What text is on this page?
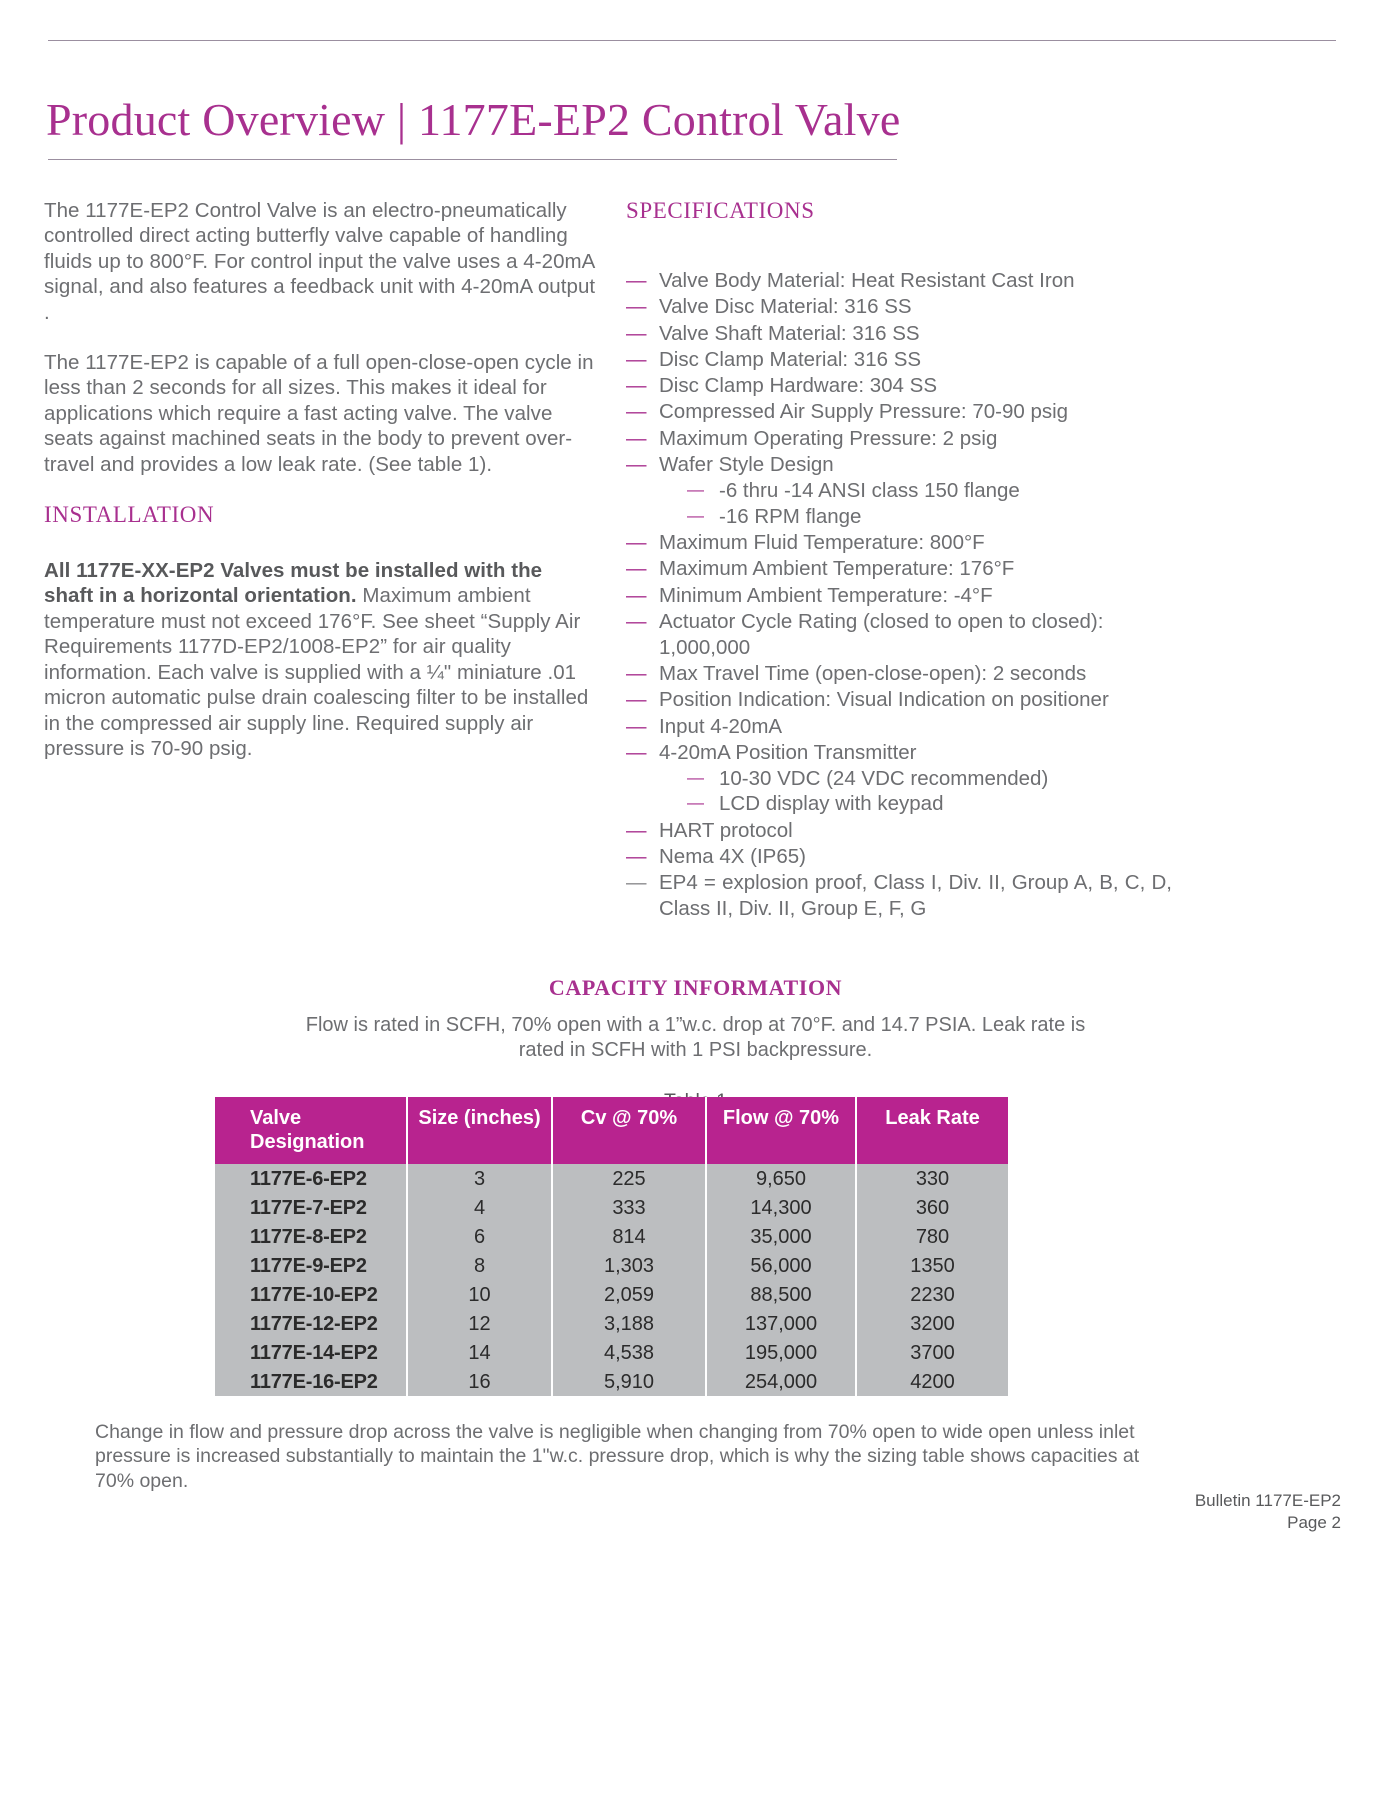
Product Overview | 1177E-EP2 Control Valve

The 1177E-EP2 Control Valve is an electro-pneumatically controlled direct acting butterfly valve capable of handling fluids up to 800°F. For control input the valve uses a 4-20mA signal, and also features a feedback unit with 4-20mA output .

The 1177E-EP2 is capable of a full open-close-open cycle in less than 2 seconds for all sizes. This makes it ideal for applications which require a fast acting valve. The valve seats against machined seats in the body to prevent over-travel and provides a low leak rate. (See table 1).

INSTALLATION

All 1177E-XX-EP2 Valves must be installed with the shaft in a horizontal orientation. Maximum ambient temperature must not exceed 176°F. See sheet “Supply Air Requirements 1177D-EP2/1008-EP2” for air quality information. Each valve is supplied with a ¼" miniature .01 micron automatic pulse drain coalescing filter to be installed in the compressed air supply line. Required supply air pressure is 70-90 psig.

SPECIFICATIONS
— Valve Body Material: Heat Resistant Cast Iron
— Valve Disc Material: 316 SS
— Valve Shaft Material: 316 SS
— Disc Clamp Material: 316 SS
— Disc Clamp Hardware: 304 SS
— Compressed Air Supply Pressure: 70-90 psig
— Maximum Operating Pressure: 2 psig
— Wafer Style Design
— -6 thru -14 ANSI class 150 flange
— -16 RPM flange
— Maximum Fluid Temperature: 800°F
— Maximum Ambient Temperature: 176°F
— Minimum Ambient Temperature: -4°F
— Actuator Cycle Rating (closed to open to closed): 1,000,000
— Max Travel Time (open-close-open): 2 seconds
— Position Indication: Visual Indication on positioner
— Input 4-20mA
— 4-20mA Position Transmitter
— 10-30 VDC (24 VDC recommended)
— LCD display with keypad
— HART protocol
— Nema 4X (IP65)
— EP4 = explosion proof, Class I, Div. II, Group A, B, C, D, Class II, Div. II, Group E, F, G
CAPACITY INFORMATION

Flow is rated in SCFH, 70% open with a 1”w.c. drop at 70°F. and 14.7 PSIA. Leak rate is rated in SCFH with 1 PSI backpressure.

Valve
Designation	Size (inches)	Cv @ 70%	Flow @ 70%	Leak Rate
1177E-6-EP2	3	225	9,650	330
1177E-7-EP2	4	333	14,300	360
1177E-8-EP2	6	814	35,000	780
1177E-9-EP2	8	1,303	56,000	1350
1177E-10-EP2	10	2,059	88,500	2230
1177E-12-EP2	12	3,188	137,000	3200
1177E-14-EP2	14	4,538	195,000	3700
1177E-16-EP2	16	5,910	254,000	4200

Change in flow and pressure drop across the valve is negligible when changing from 70% open to wide open unless inlet pressure is increased substantially to maintain the 1"w.c. pressure drop, which is why the sizing table shows capacities at 70% open.

Bulletin 1177E-EP2
Page 2
